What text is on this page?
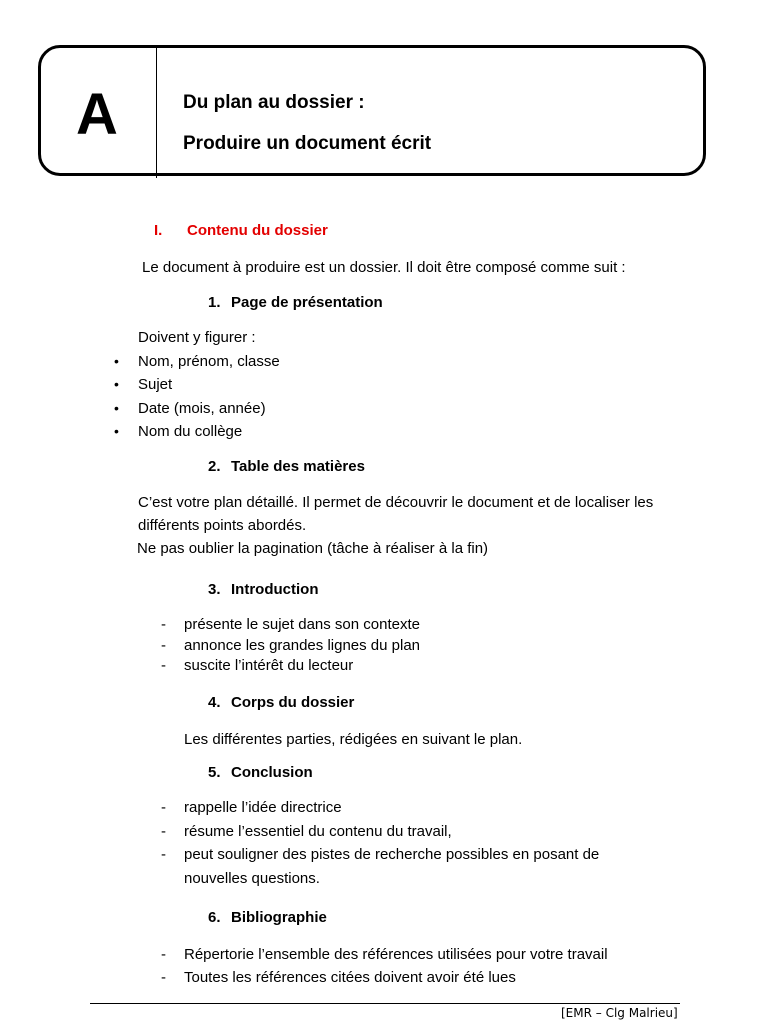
A	Du plan au dossier :
Produire un document écrit
I. Contenu du dossier
Le document à produire est un dossier. Il doit être composé comme suit :
1. Page de présentation
Doivent y figurer :
• Nom, prénom, classe
• Sujet
• Date (mois, année)
• Nom du collège
2. Table des matières
C’est votre plan détaillé. Il permet de découvrir le document et de localiser les
différents points abordés.
Ne pas oublier la pagination (tâche à réaliser à la fin)
3. Introduction
- présente le sujet dans son contexte
- annonce les grandes lignes du plan
- suscite l’intérêt du lecteur
4. Corps du dossier
Les différentes parties, rédigées en suivant le plan.
5. Conclusion
- rappelle l’idée directrice
- résume l’essentiel du contenu du travail,
- peut souligner des pistes de recherche possibles en posant de
nouvelles questions.
6. Bibliographie
- Répertorie l’ensemble des références utilisées pour votre travail
- Toutes les références citées doivent avoir été lues
[EMR – Clg Malrieu]
